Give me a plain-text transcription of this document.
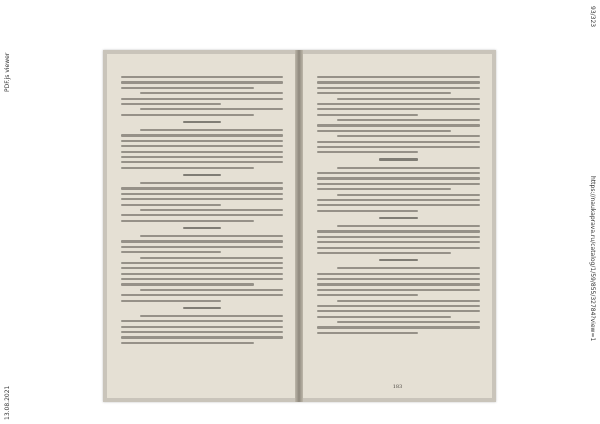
PDF.js viewer
13.08.2021
93/323
https://naukaprava.ru/catalog/1/59/855/32784?view=1
183
